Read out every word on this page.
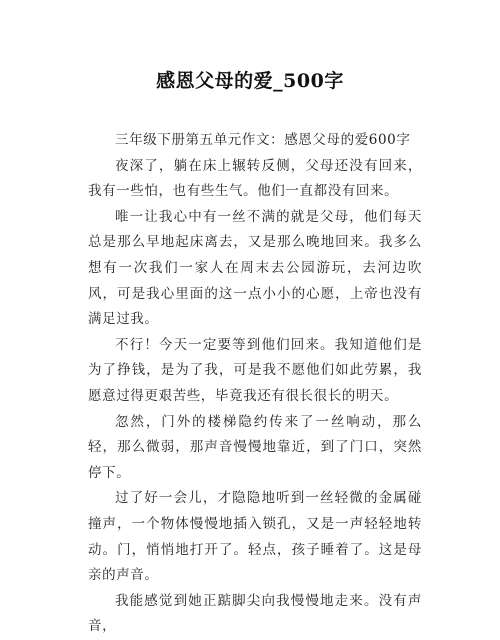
感恩父母的爱_500字

三年级下册第五单元作文：感恩父母的爱600字

夜深了，躺在床上辗转反侧，父母还没有回来，我有一些怕，也有些生气。他们一直都没有回来。

唯一让我心中有一丝不满的就是父母，他们每天总是那么早地起床离去，又是那么晚地回来。我多么想有一次我们一家人在周末去公园游玩，去河边吹风，可是我心里面的这一点小小的心愿，上帝也没有满足过我。

不行！今天一定要等到他们回来。我知道他们是为了挣钱，是为了我，可是我不愿他们如此劳累，我愿意过得更艰苦些，毕竟我还有很长很长的明天。

忽然，门外的楼梯隐约传来了一丝响动，那么轻，那么微弱，那声音慢慢地靠近，到了门口，突然停下。

过了好一会儿，才隐隐地听到一丝轻微的金属碰撞声，一个物体慢慢地插入锁孔，又是一声轻轻地转动。门，悄悄地打开了。轻点，孩子睡着了。这是母亲的声音。

我能感觉到她正踮脚尖向我慢慢地走来。没有声音，
